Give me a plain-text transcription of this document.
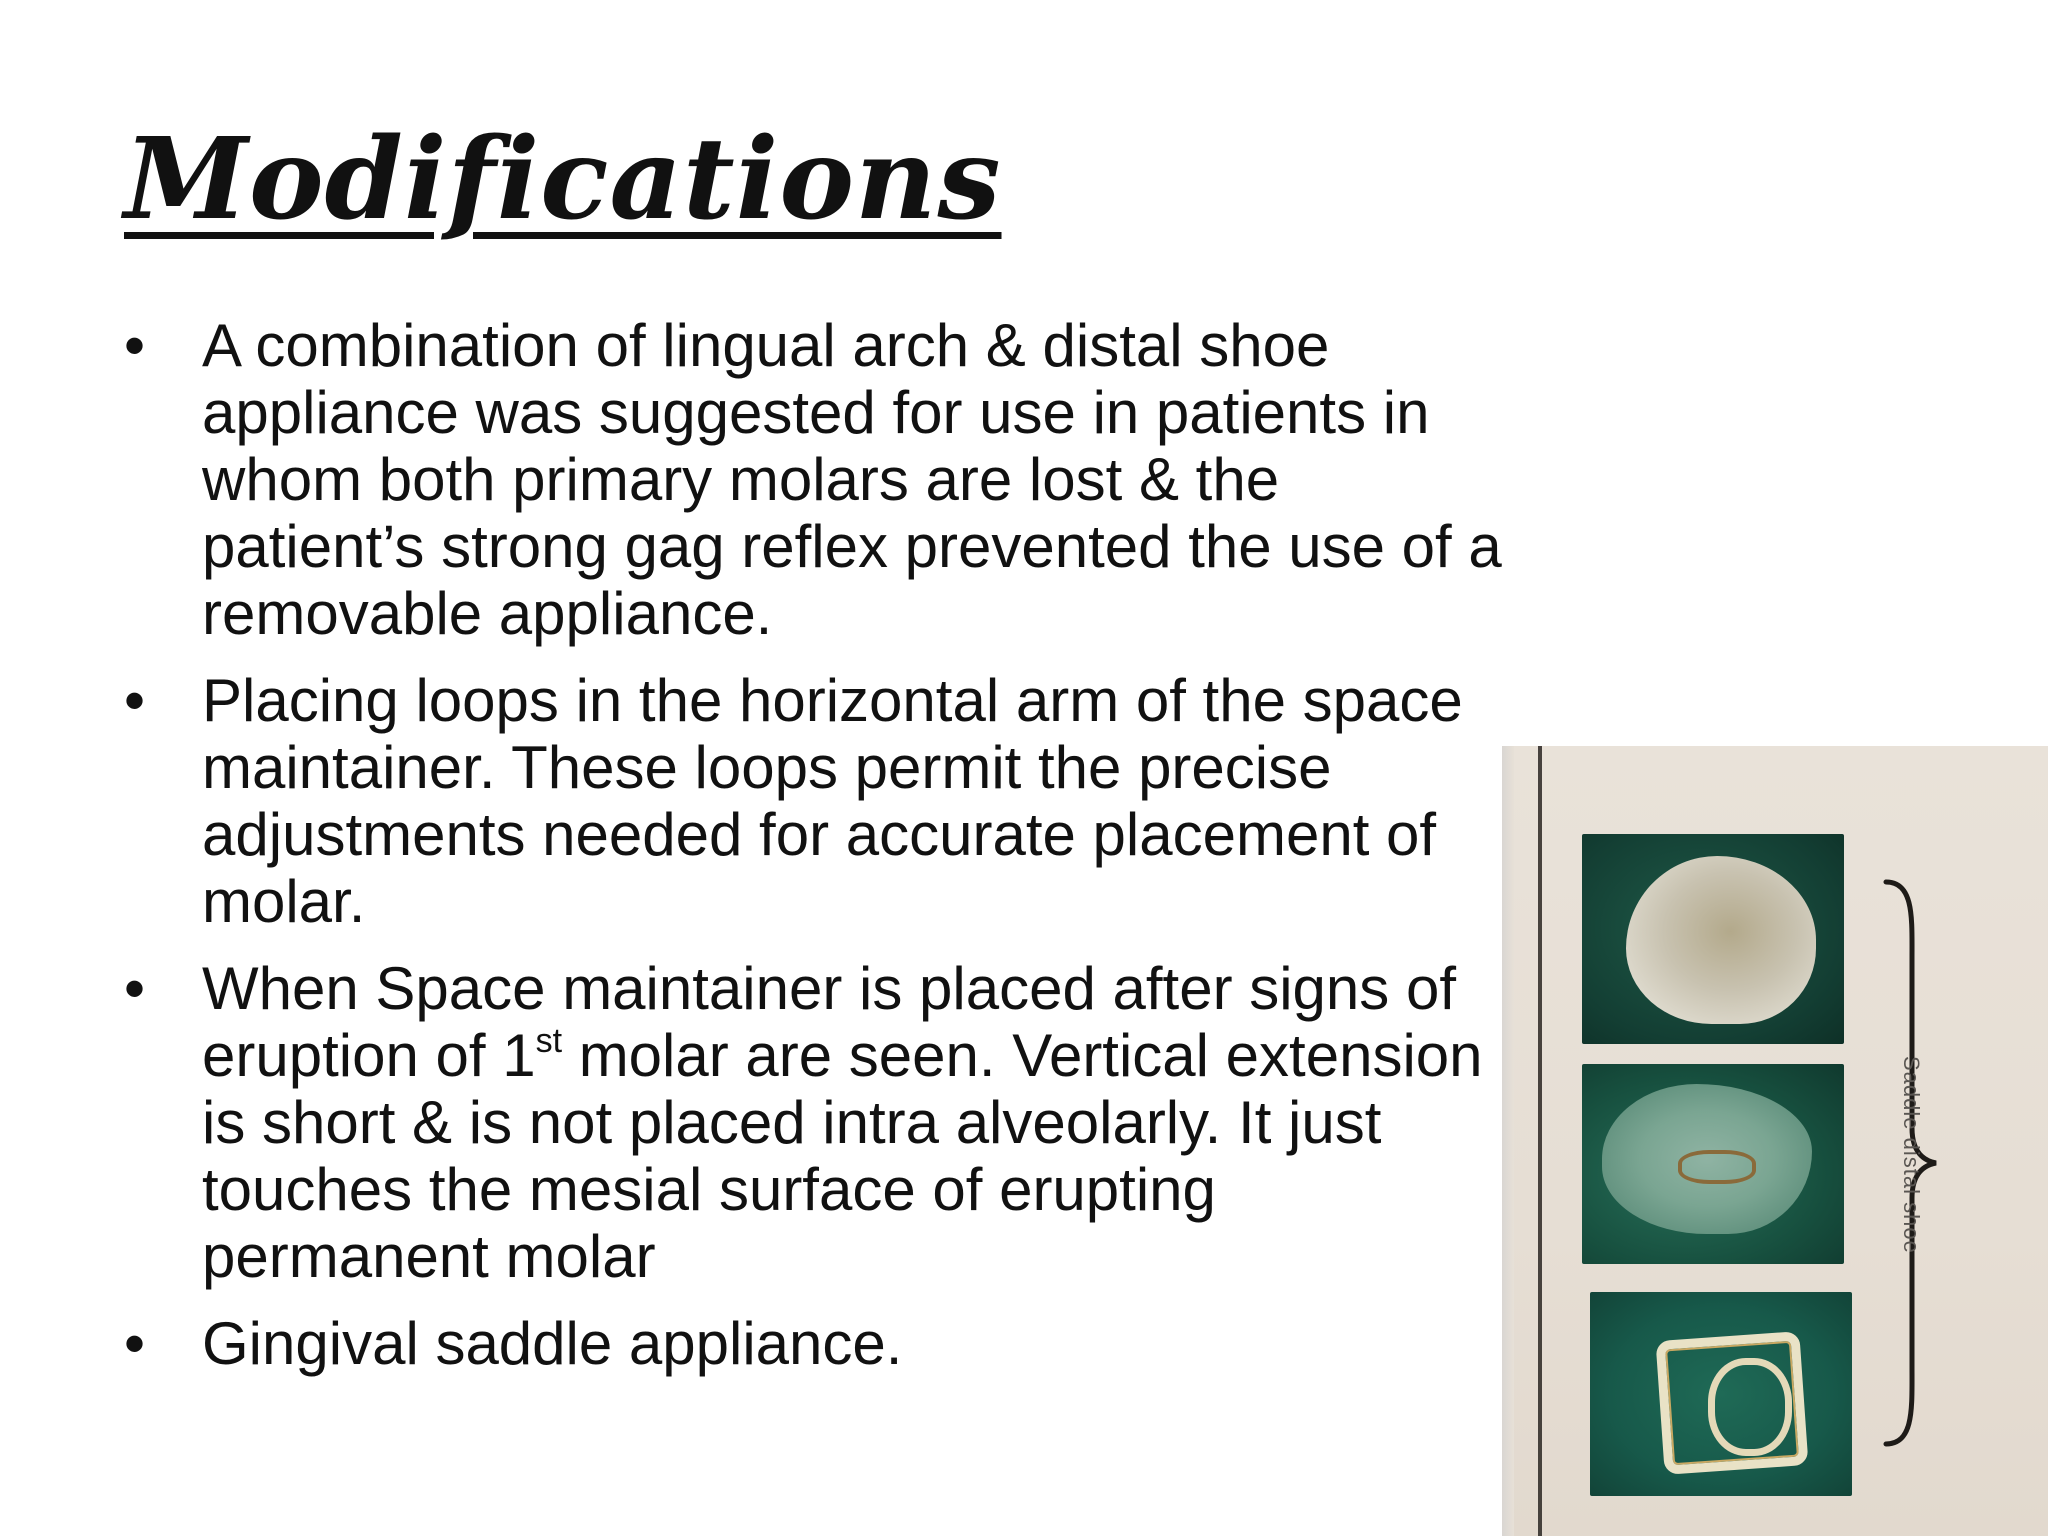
Modifications
• A combination of lingual arch & distal shoe appliance was suggested for use in patients in whom both primary molars are lost & the patient’s strong gag reflex prevented the use of a removable appliance.
• Placing loops in the horizontal arm of the space maintainer. These loops permit the precise adjustments needed for accurate placement of molar.
• When Space maintainer is placed after signs of eruption of 1st molar are seen. Vertical extension is short & is not placed intra alveolarly. It just touches the mesial surface of erupting permanent molar
• Gingival saddle appliance.
Saddle distal shoe
